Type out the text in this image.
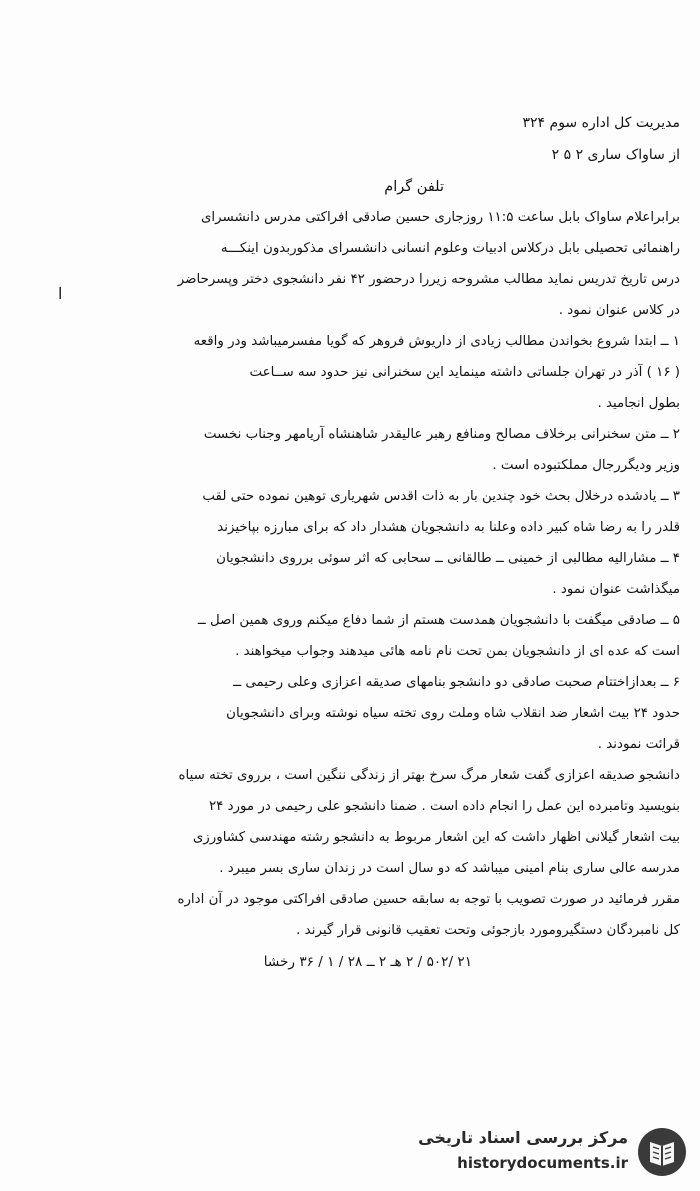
مدیریت کل اداره سوم ۳۲۴
از ساواک ساری ۲ ۵ ۲
تلفن گرام
برابراعلام ساواک بابل ساعت ۱۱:۵ روزجاری حسین صادقی افراکتی مدرس دانشسرای
راهنمائی تحصیلی بابل درکلاس ادبیات وعلوم انسانی دانشسرای مذکوربدون اینکـــه
درس تاریخ تدریس نماید مطالب مشروحه زیررا درحضور ۴۲ نفر دانشجوی دختر وپسرحاضر
در کلاس عنوان نمود .
۱ ــ ابتدا شروع بخواندن مطالب زیادی از داریوش فروهر که گویا مفسرمیباشد ودر واقعه
( ۱۶ ) آذر در تهران جلساتی داشته مینماید این سخنرانی نیز حدود سه ســاعت
بطول انجامید .
۲ ــ متن سخنرانی برخلاف مصالح ومنافع رهبر عالیقدر شاهنشاه آریامهر وجناب نخست
وزیر ودیگررجال مملکتبوده است .
۳ ــ یادشده درخلال بحث خود چندین بار به ذات اقدس شهریاری توهین نموده حتی لقب
قلدر را به رضا شاه کبیر داده وعلنا به دانشجویان هشدار داد که برای مبارزه بپاخیزند
۴ ــ مشارالیه مطالبی از خمینی ــ طالقانی ــ سحابی که اثر سوئی برروی دانشجویان
میگذاشت عنوان نمود .
۵ ــ صادقی میگفت با دانشجویان همدست هستم از شما دفاع میکنم وروی همین اصل ــ
است که عده ای از دانشجویان بمن تحت نام نامه هائی میدهند وجواب میخواهند .
۶ ــ بعدازاختتام صحبت صادقی دو دانشجو بنامهای صدیقه اعزازی وعلی رحیمی ــ
حدود ۲۴ بیت اشعار ضد انقلاب شاه وملت روی تخته سیاه نوشته وبرای دانشجویان
قرائت نمودند .
دانشجو صدیقه اعزازی گفت شعار مرگ سرخ بهتر از زندگی ننگین است ، برروی تخته سیاه
بنویسید وتامبرده این عمل را انجام داده است . ضمنا دانشجو علی رحیمی در مورد ۲۴
بیت اشعار گیلانی اظهار داشت که این اشعار مربوط به دانشجو رشته مهندسی کشاورزی
مدرسه عالی ساری بنام امینی میباشد که دو سال است در زندان ساری بسر میبرد .
مقرر فرمائید در صورت تصویب با توجه به سابقه حسین صادقی افراکتی موجود در آن اداره
کل نامبردگان دستگیرومورد بازجوئی وتحت تعقیب قانونی قرار گیرند .
۲۱ /۵۰۲ / ۲ هـ ۲ ــ ۲۸ / ۱ / ۳۶ رخشا
ا
مرکز بررسی اسناد تاریخی
historydocuments.ir
